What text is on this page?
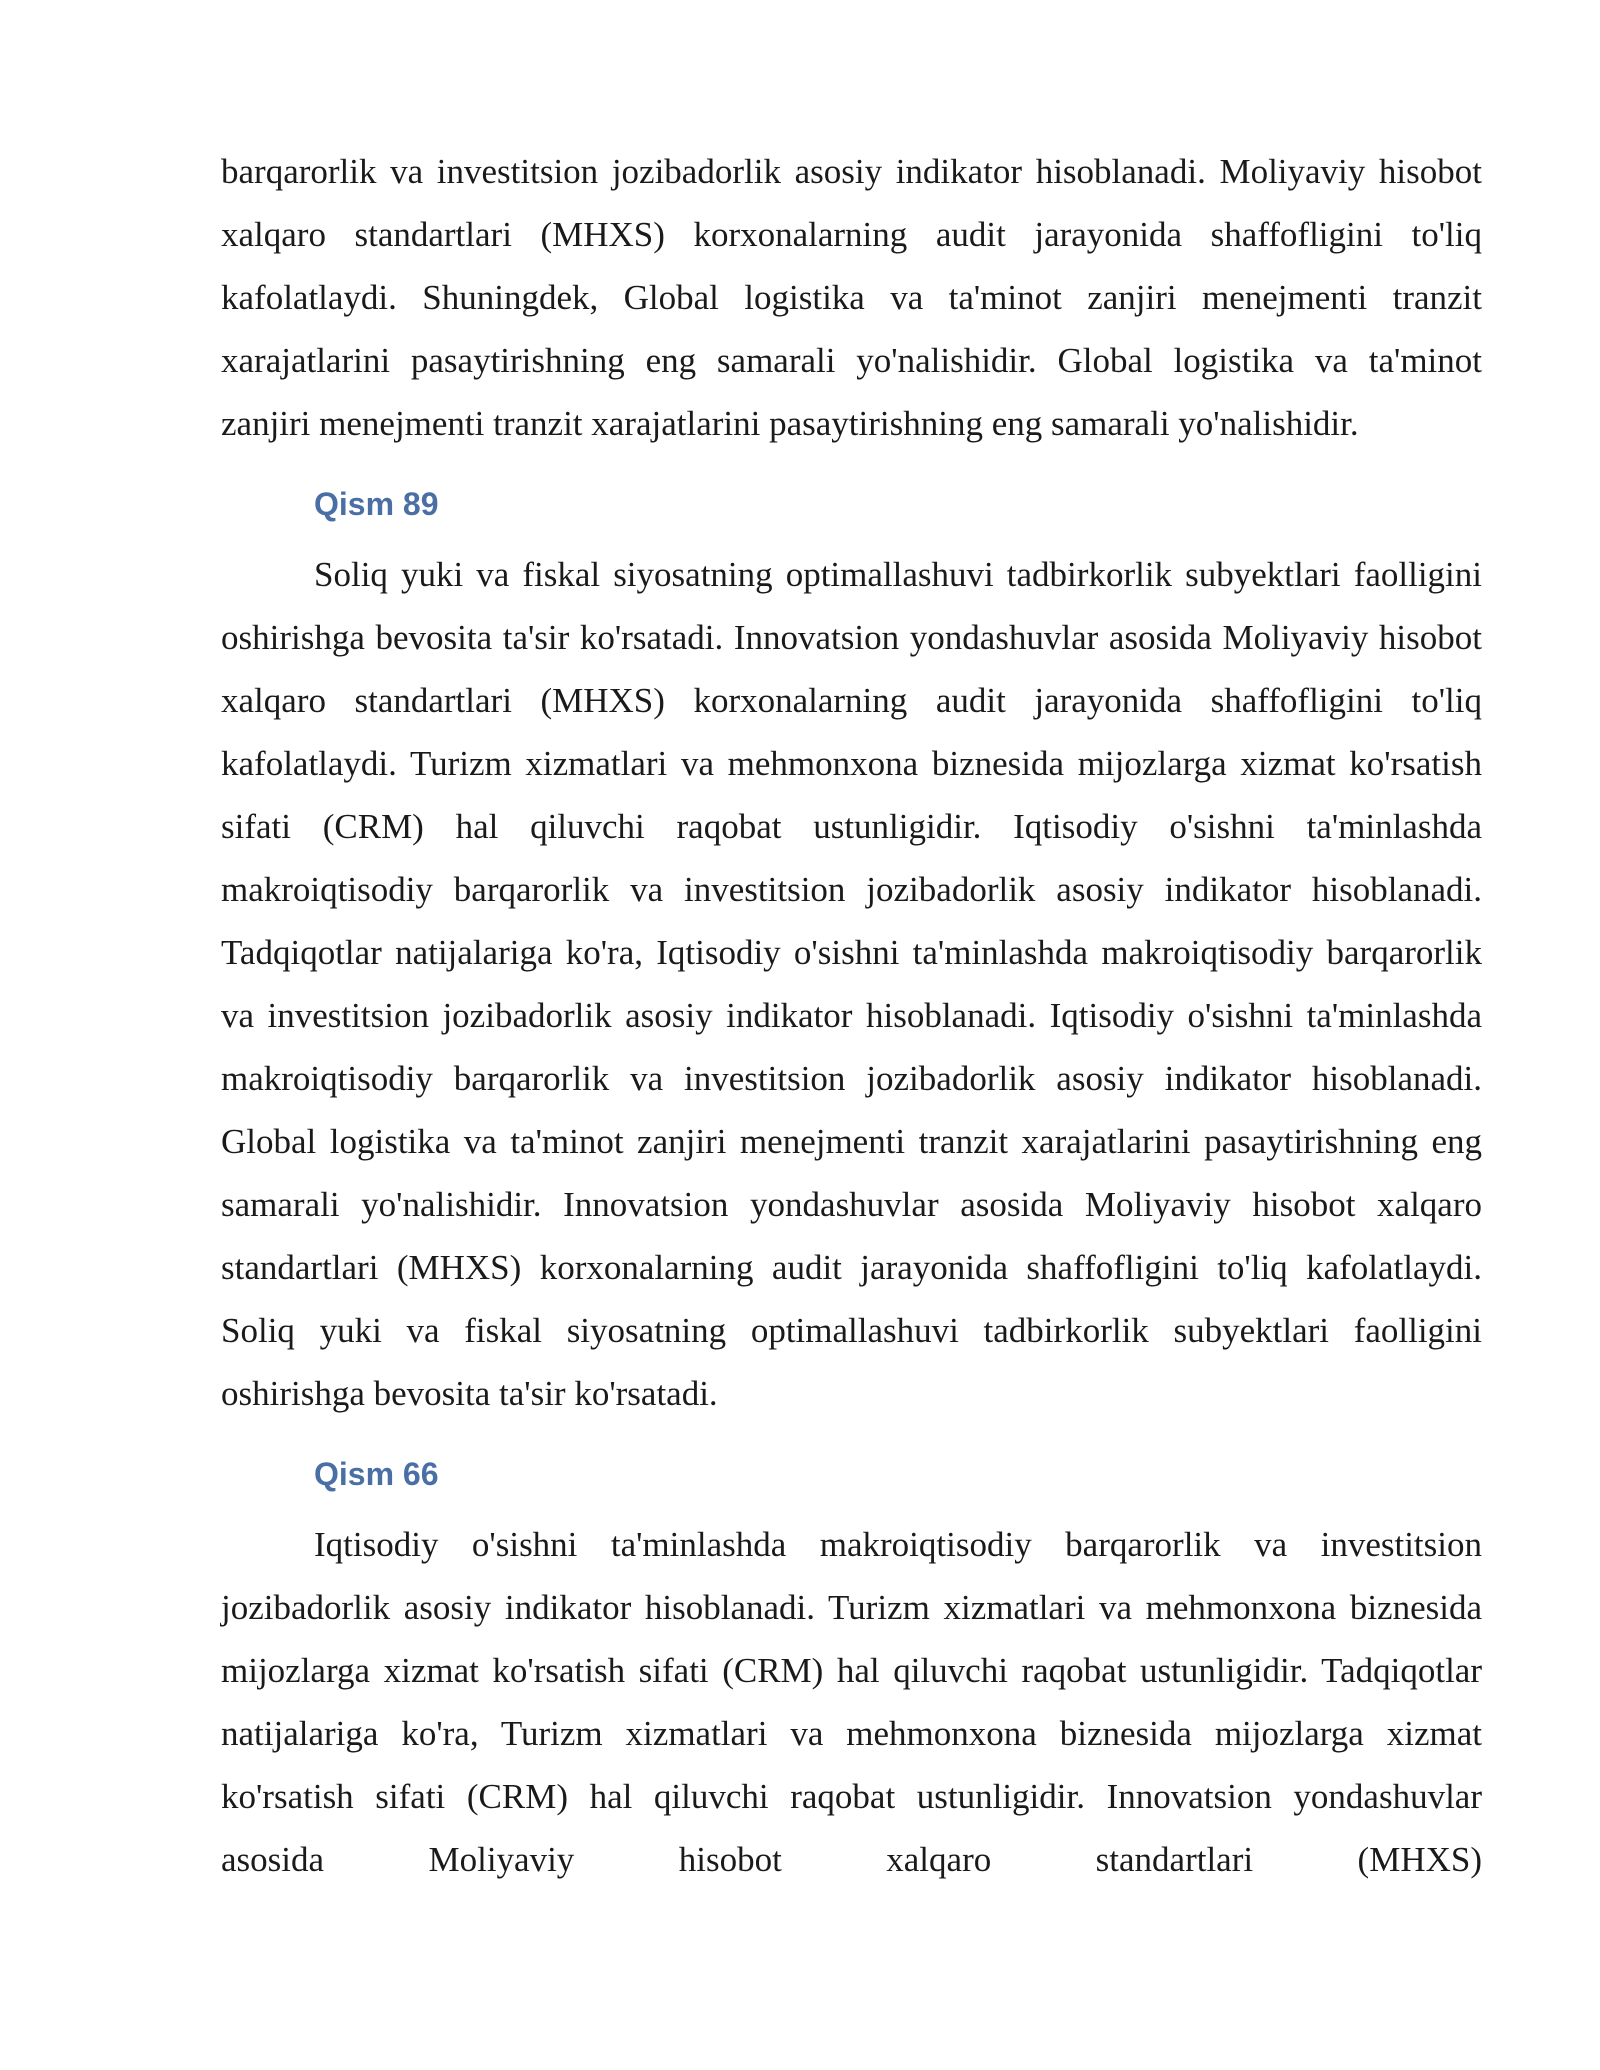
barqarorlik va investitsion jozibadorlik asosiy indikator hisoblanadi. Moliyaviy hisobot xalqaro standartlari (MHXS) korxonalarning audit jarayonida shaffofligini to'liq kafolatlaydi. Shuningdek, Global logistika va ta'minot zanjiri menejmenti tranzit xarajatlarini pasaytirishning eng samarali yo'nalishidir. Global logistika va ta'minot zanjiri menejmenti tranzit xarajatlarini pasaytirishning eng samarali yo'nalishidir.

Qism 89

Soliq yuki va fiskal siyosatning optimallashuvi tadbirkorlik subyektlari faolligini oshirishga bevosita ta'sir ko'rsatadi. Innovatsion yondashuvlar asosida Moliyaviy hisobot xalqaro standartlari (MHXS) korxonalarning audit jarayonida shaffofligini to'liq kafolatlaydi. Turizm xizmatlari va mehmonxona biznesida mijozlarga xizmat ko'rsatish sifati (CRM) hal qiluvchi raqobat ustunligidir. Iqtisodiy o'sishni ta'minlashda makroiqtisodiy barqarorlik va investitsion jozibadorlik asosiy indikator hisoblanadi. Tadqiqotlar natijalariga ko'ra, Iqtisodiy o'sishni ta'minlashda makroiqtisodiy barqarorlik va investitsion jozibadorlik asosiy indikator hisoblanadi. Iqtisodiy o'sishni ta'minlashda makroiqtisodiy barqarorlik va investitsion jozibadorlik asosiy indikator hisoblanadi. Global logistika va ta'minot zanjiri menejmenti tranzit xarajatlarini pasaytirishning eng samarali yo'nalishidir. Innovatsion yondashuvlar asosida Moliyaviy hisobot xalqaro standartlari (MHXS) korxonalarning audit jarayonida shaffofligini to'liq kafolatlaydi. Soliq yuki va fiskal siyosatning optimallashuvi tadbirkorlik subyektlari faolligini oshirishga bevosita ta'sir ko'rsatadi.

Qism 66

Iqtisodiy o'sishni ta'minlashda makroiqtisodiy barqarorlik va investitsion jozibadorlik asosiy indikator hisoblanadi. Turizm xizmatlari va mehmonxona biznesida mijozlarga xizmat ko'rsatish sifati (CRM) hal qiluvchi raqobat ustunligidir. Tadqiqotlar natijalariga ko'ra, Turizm xizmatlari va mehmonxona biznesida mijozlarga xizmat ko'rsatish sifati (CRM) hal qiluvchi raqobat ustunligidir. Innovatsion yondashuvlar asosida Moliyaviy hisobot xalqaro standartlari (MHXS)
